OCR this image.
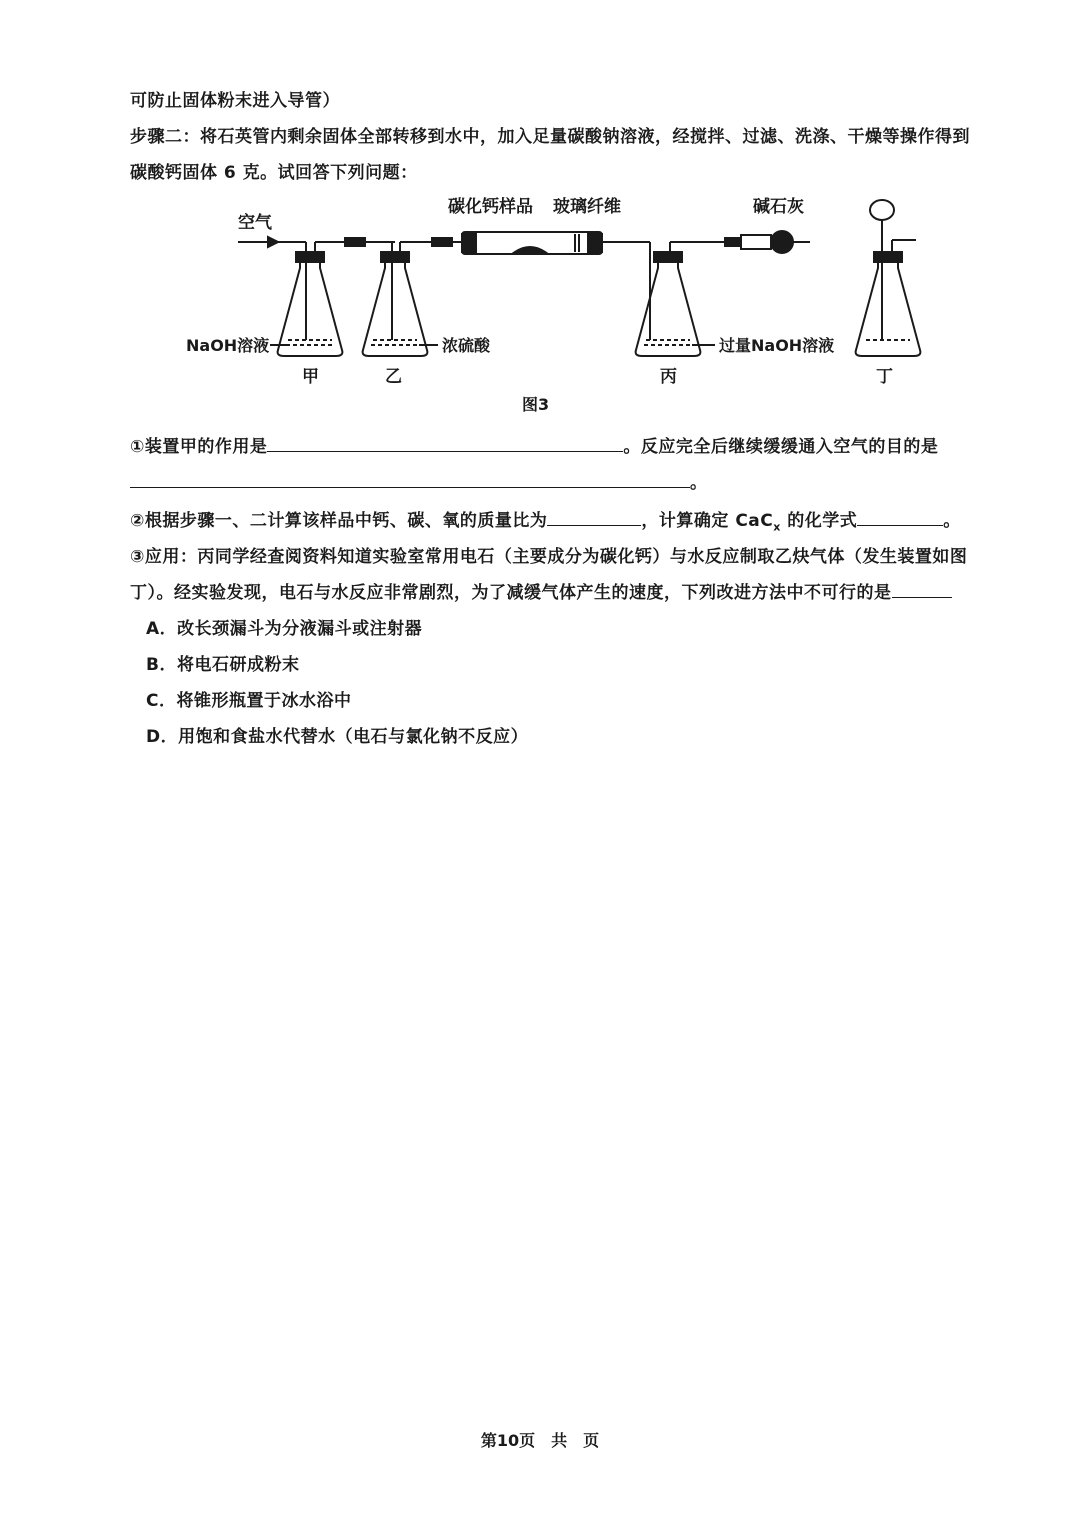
可防止固体粉末进入导管）
步骤二：将石英管内剩余固体全部转移到水中，加入足量碳酸钠溶液，经搅拌、过滤、洗涤、干燥等操作得到
碳酸钙固体 6 克。试回答下列问题：
空气
碳化钙样品 玻璃纤维	碱石灰
NaOH溶液	浓硫酸	过量NaOH溶液
甲	乙	丙	丁
图3
①装置甲的作用是	。反应完全后继续缓缓通入空气的目的是
。
②根据步骤一、二计算该样品中钙、碳、氧的质量比为	，计算确定 CaC$_x$ 的化学式	。
③应用：丙同学经查阅资料知道实验室常用电石（主要成分为碳化钙）与水反应制取乙炔气体（发生装置如图
丁）。经实验发现，电石与水反应非常剧烈，为了减缓气体产生的速度，下列改进方法中不可行的是
A．改长颈漏斗为分液漏斗或注射器
B．将电石研成粉末
C．将锥形瓶置于冰水浴中
D．用饱和食盐水代替水（电石与氯化钠不反应）
第10页　共　页
